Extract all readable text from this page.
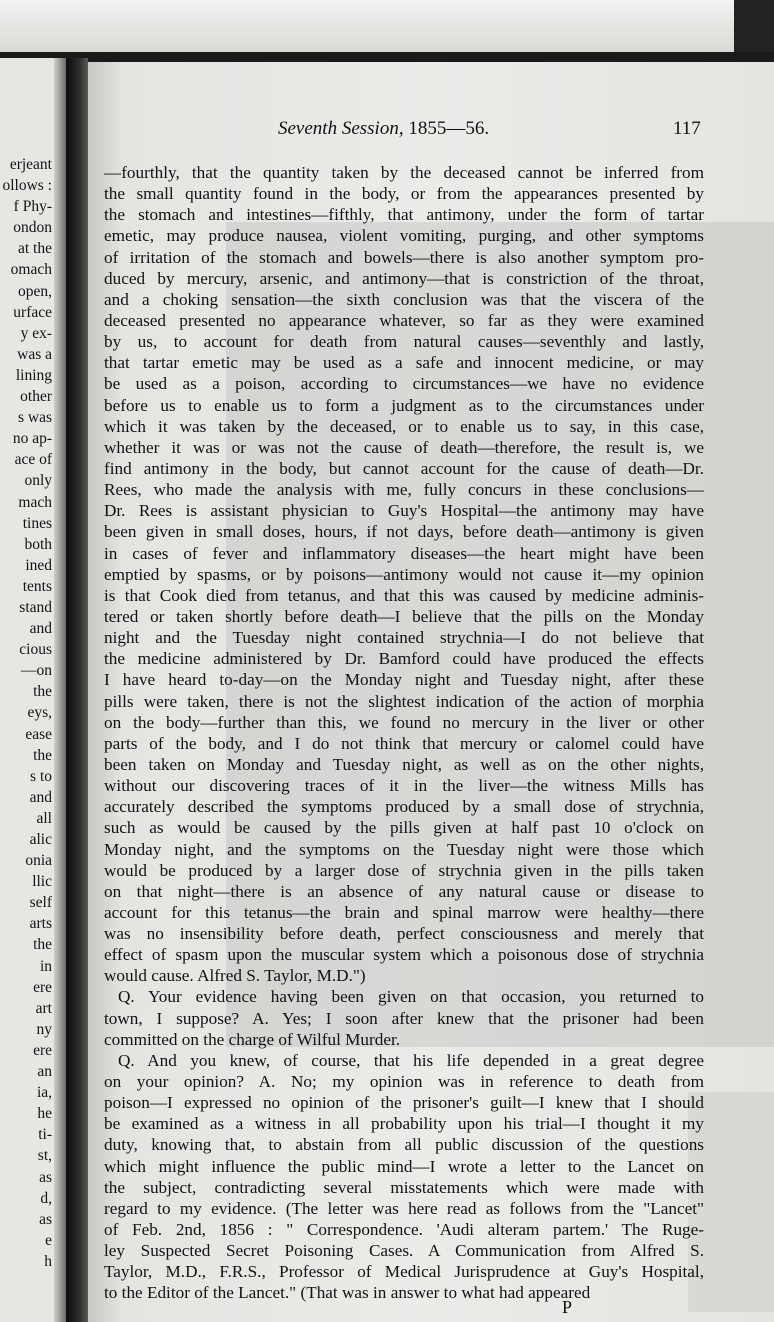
erjeant
ollows :
f Phy-
ondon
at the
omach
open,
urface
y ex-
was a
lining
other
s was
no ap-
ace of
only
mach
tines
both
ined
tents
stand
and
cious
—on
the
eys,
ease
the
s to
and
all
alic
onia
llic
self
arts
the
in
ere
art
ny
ere
an
ia,
he
ti-
st,
as
d,
as
e
h
Seventh Session, 1855—56.	117
—fourthly, that the quantity taken by the deceased cannot be inferred from
the small quantity found in the body, or from the appearances presented by
the stomach and intestines—fifthly, that antimony, under the form of tartar
emetic, may produce nausea, violent vomiting, purging, and other symptoms
of irritation of the stomach and bowels—there is also another symptom pro-
duced by mercury, arsenic, and antimony—that is constriction of the throat,
and a choking sensation—the sixth conclusion was that the viscera of the
deceased presented no appearance whatever, so far as they were examined
by us, to account for death from natural causes—seventhly and lastly,
that tartar emetic may be used as a safe and innocent medicine, or may
be used as a poison, according to circumstances—we have no evidence
before us to enable us to form a judgment as to the circumstances under
which it was taken by the deceased, or to enable us to say, in this case,
whether it was or was not the cause of death—therefore, the result is, we
find antimony in the body, but cannot account for the cause of death—Dr.
Rees, who made the analysis with me, fully concurs in these conclusions—
Dr. Rees is assistant physician to Guy's Hospital—the antimony may have
been given in small doses, hours, if not days, before death—antimony is given
in cases of fever and inflammatory diseases—the heart might have been
emptied by spasms, or by poisons—antimony would not cause it—my opinion
is that Cook died from tetanus, and that this was caused by medicine adminis-
tered or taken shortly before death—I believe that the pills on the Monday
night and the Tuesday night contained strychnia—I do not believe that
the medicine administered by Dr. Bamford could have produced the effects
I have heard to-day—on the Monday night and Tuesday night, after these
pills were taken, there is not the slightest indication of the action of morphia
on the body—further than this, we found no mercury in the liver or other
parts of the body, and I do not think that mercury or calomel could have
been taken on Monday and Tuesday night, as well as on the other nights,
without our discovering traces of it in the liver—the witness Mills has
accurately described the symptoms produced by a small dose of strychnia,
such as would be caused by the pills given at half past 10 o'clock on
Monday night, and the symptoms on the Tuesday night were those which
would be produced by a larger dose of strychnia given in the pills taken
on that night—there is an absence of any natural cause or disease to
account for this tetanus—the brain and spinal marrow were healthy—there
was no insensibility before death, perfect consciousness and merely that
effect of spasm upon the muscular system which a poisonous dose of strychnia
would cause. Alfred S. Taylor, M.D.")
Q. Your evidence having been given on that occasion, you returned to
town, I suppose? A. Yes; I soon after knew that the prisoner had been
committed on the charge of Wilful Murder.
Q. And you knew, of course, that his life depended in a great degree
on your opinion? A. No; my opinion was in reference to death from
poison—I expressed no opinion of the prisoner's guilt—I knew that I should
be examined as a witness in all probability upon his trial—I thought it my
duty, knowing that, to abstain from all public discussion of the questions
which might influence the public mind—I wrote a letter to the Lancet on
the subject, contradicting several misstatements which were made with
regard to my evidence. (The letter was here read as follows from the "Lancet"
of Feb. 2nd, 1856 : " Correspondence. 'Audi alteram partem.' The Ruge-
ley Suspected Secret Poisoning Cases. A Communication from Alfred S.
Taylor, M.D., F.R.S., Professor of Medical Jurisprudence at Guy's Hospital,
to the Editor of the Lancet." (That was in answer to what had appeared
P
